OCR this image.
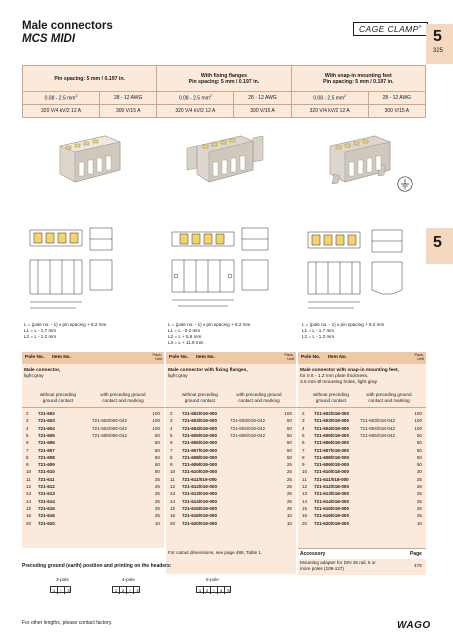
Male connectors
MCS MIDI
CAGE CLAMP®
5
325
5
Pin spacing: 5 mm / 0.197 in.		With fixing flanges
Pin spacing: 5 mm / 0.197 in.		With snap-in mounting feet
Pin spacing: 5 mm / 0.197 in.	
0.08 - 2.5 $mm^2$	28 - 12 AWG	0.08 - 2.5 $mm^2$	28 - 12 AWG	0.08 - 2.5 $mm^2$	28 - 12 AWG
320 V/4 kV/2 12 A	300 V/15 A	320 V/4 kV/2 12 A	300 V/15 A	320 V/4 kV/2 12 A	300 V/15 A
L = (pole no. - 1) x pin spacing + 8.2 mm
L1 = L - 1.7 mm
L2 = L - 1.2 mm
L = (pole no. - 1) x pin spacing + 8.2 mm
L1 = L - 0.2 mm
L2 = L + 5.8 mm
L3 = L + 11.8 mm
L = (pole no. - 1) x pin spacing + 8.2 mm
L1 = L - 1.7 mm
L2 = L - 1.2 mm
Pole No. Item No.	Pack. Unit Pole No. Item No.	Pack. Unit Pole No. Item No.	Pack. Unit
Male connector,
light gray
Male connector with fixing flanges,
light gray
Male connector with snap-in mounting feet,
for 0.6 - 1.2 mm plate thickness,
3.5 mm Ø mounting holes, light gray
without preceding
ground contact
with preceding ground
contact and marking
without preceding
ground contact
with preceding ground
contact and marking
without preceding
ground contact
with preceding ground
contact and marking
2 721-602	100
3 721-603	721-603/000-042	100
4 721-604	721-604/000-042	100
5 721-605	721-605/000-042	50
6 721-606	50
7 721-607	50
8 721-608	50
9 721-609	50
10 721-610	50
11 721-611	25
12 721-612	25
13 721-613	25
14 721-614	25
15 721-615	25
16 721-616	25
20 721-620	10
2 721-602/019-000	100
3 721-603/019-000	721-603/019-042	50
4 721-604/019-000	721-604/019-042	50
5 721-605/019-000	721-605/019-042	50
6 721-606/019-000	50
7 721-607/019-000	50
8 721-608/019-000	50
9 721-609/019-000	25
10 721-610/019-000	25
11 721-611/019-000	25
12 721-612/019-000	25
13 721-613/019-000	25
14 721-614/019-000	25
15 721-615/019-000	25
16 721-616/019-000	10
20 721-620/019-000	10
2 721-602/018-000	100
3 721-603/018-000 721-603/018-042	100
4 721-604/018-000 721-604/018-042	100
5 721-605/018-000 721-605/018-042	50
6 721-606/018-000	50
7 721-607/018-000	50
8 721-608/018-000	50
9 721-609/018-000	50
10 721-610/018-000	30
11 721-611/018-000	25
12 721-612/018-000	25
13 721-613/018-000	25
14 721-614/018-000	25
15 721-615/018-000	25
16 721-616/018-000	25
20 721-620/018-000	10
For cutout dimensions, see page 488, Table 1.	Accessory	Page
Mounting adapter for DIN 35 rail, 5 or
more poles (209-137)
479
Preceding ground (earth) position and printing on the headers:
3-pole	4-pole	5-pole
1 ⏚	3	1	2 ⏚	4	1	2 ⏚ 4	5
For other lengths, please contact factory.	WAGO
